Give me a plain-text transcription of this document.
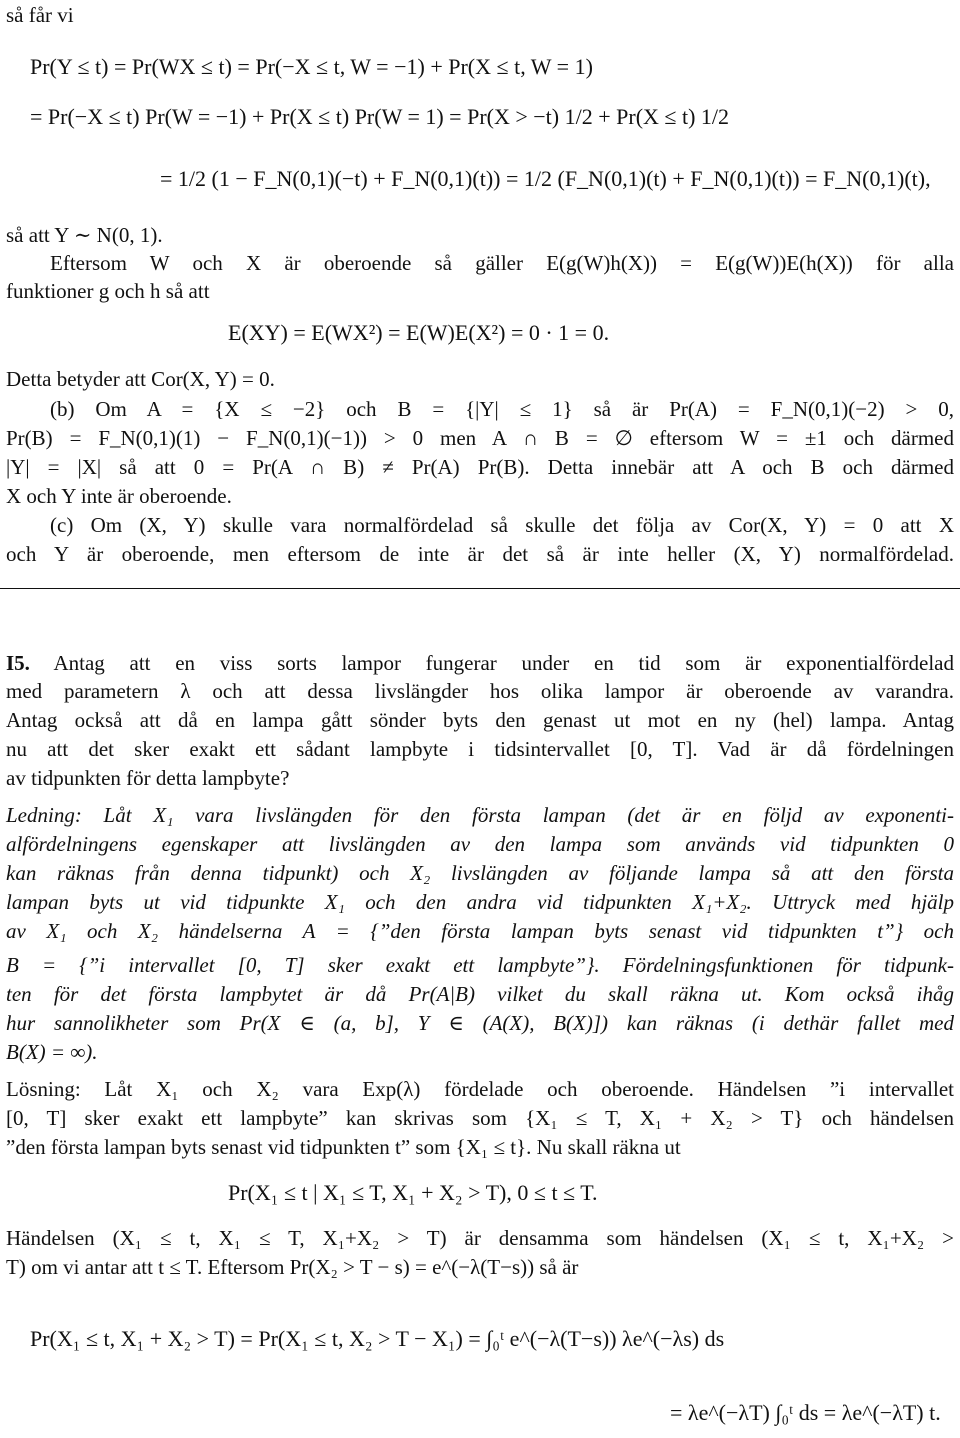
så får vi
Pr(Y ≤ t) = Pr(WX ≤ t) = Pr(−X ≤ t, W = −1) + Pr(X ≤ t, W = 1)
= Pr(−X ≤ t) Pr(W = −1) + Pr(X ≤ t) Pr(W = 1) = Pr(X > −t) 1/2 + Pr(X ≤ t) 1/2
= 1/2 (1 − F_N(0,1)(−t) + F_N(0,1)(t)) = 1/2 (F_N(0,1)(t) + F_N(0,1)(t)) = F_N(0,1)(t),
så att Y ∼ N(0, 1).
Eftersom W och X är oberoende så gäller E(g(W)h(X)) = E(g(W))E(h(X)) för alla
funktioner g och h så att
E(XY) = E(WX²) = E(W)E(X²) = 0 · 1 = 0.
Detta betyder att Cor(X, Y) = 0.
(b) Om A = {X ≤ −2} och B = {|Y| ≤ 1} så är Pr(A) = F_N(0,1)(−2) > 0,
Pr(B) = F_N(0,1)(1) − F_N(0,1)(−1)) > 0 men A ∩ B = ∅ eftersom W = ±1 och därmed
|Y| = |X| så att 0 = Pr(A ∩ B) ≠ Pr(A) Pr(B). Detta innebär att A och B och därmed
X och Y inte är oberoende.
(c) Om (X, Y) skulle vara normalfördelad så skulle det följa av Cor(X, Y) = 0 att X
och Y är oberoende, men eftersom de inte är det så är inte heller (X, Y) normalfördelad.
I5. Antag att en viss sorts lampor fungerar under en tid som är exponentialfördelad
med parametern λ och att dessa livslängder hos olika lampor är oberoende av varandra.
Antag också att då en lampa gått sönder byts den genast ut mot en ny (hel) lampa. Antag
nu att det sker exakt ett sådant lampbyte i tidsintervallet [0, T]. Vad är då fördelningen
av tidpunkten för detta lampbyte?
Ledning: Låt X₁ vara livslängden för den första lampan (det är en följd av exponenti-
alfördelningens egenskaper att livslängden av den lampa som används vid tidpunkten 0
kan räknas från denna tidpunkt) och X₂ livslängden av följande lampa så att den första
lampan byts ut vid tidpunkte X₁ och den andra vid tidpunkten X₁+X₂. Uttryck med hjälp
av X₁ och X₂ händelserna A = {”den första lampan byts senast vid tidpunkten t”} och
B = {”i intervallet [0, T] sker exakt ett lampbyte”}. Fördelningsfunktionen för tidpunk-
ten för det första lampbytet är då Pr(A|B) vilket du skall räkna ut. Kom också ihåg
hur sannolikheter som Pr(X ∈ (a, b], Y ∈ (A(X), B(X)]) kan räknas (i dethär fallet med
B(X) = ∞).
Lösning: Låt X₁ och X₂ vara Exp(λ) fördelade och oberoende. Händelsen ”i intervallet
[0, T] sker exakt ett lampbyte” kan skrivas som {X₁ ≤ T, X₁ + X₂ > T} och händelsen
”den första lampan byts senast vid tidpunkten t” som {X₁ ≤ t}. Nu skall räkna ut
Pr(X₁ ≤ t | X₁ ≤ T, X₁ + X₂ > T), 0 ≤ t ≤ T.
Händelsen (X₁ ≤ t, X₁ ≤ T, X₁+X₂ > T) är densamma som händelsen (X₁ ≤ t, X₁+X₂ >
T) om vi antar att t ≤ T. Eftersom Pr(X₂ > T − s) = e^(−λ(T−s)) så är
Pr(X₁ ≤ t, X₁ + X₂ > T) = Pr(X₁ ≤ t, X₂ > T − X₁) = ∫₀ᵗ e^(−λ(T−s)) λe^(−λs) ds
= λe^(−λT) ∫₀ᵗ ds = λe^(−λT) t.
